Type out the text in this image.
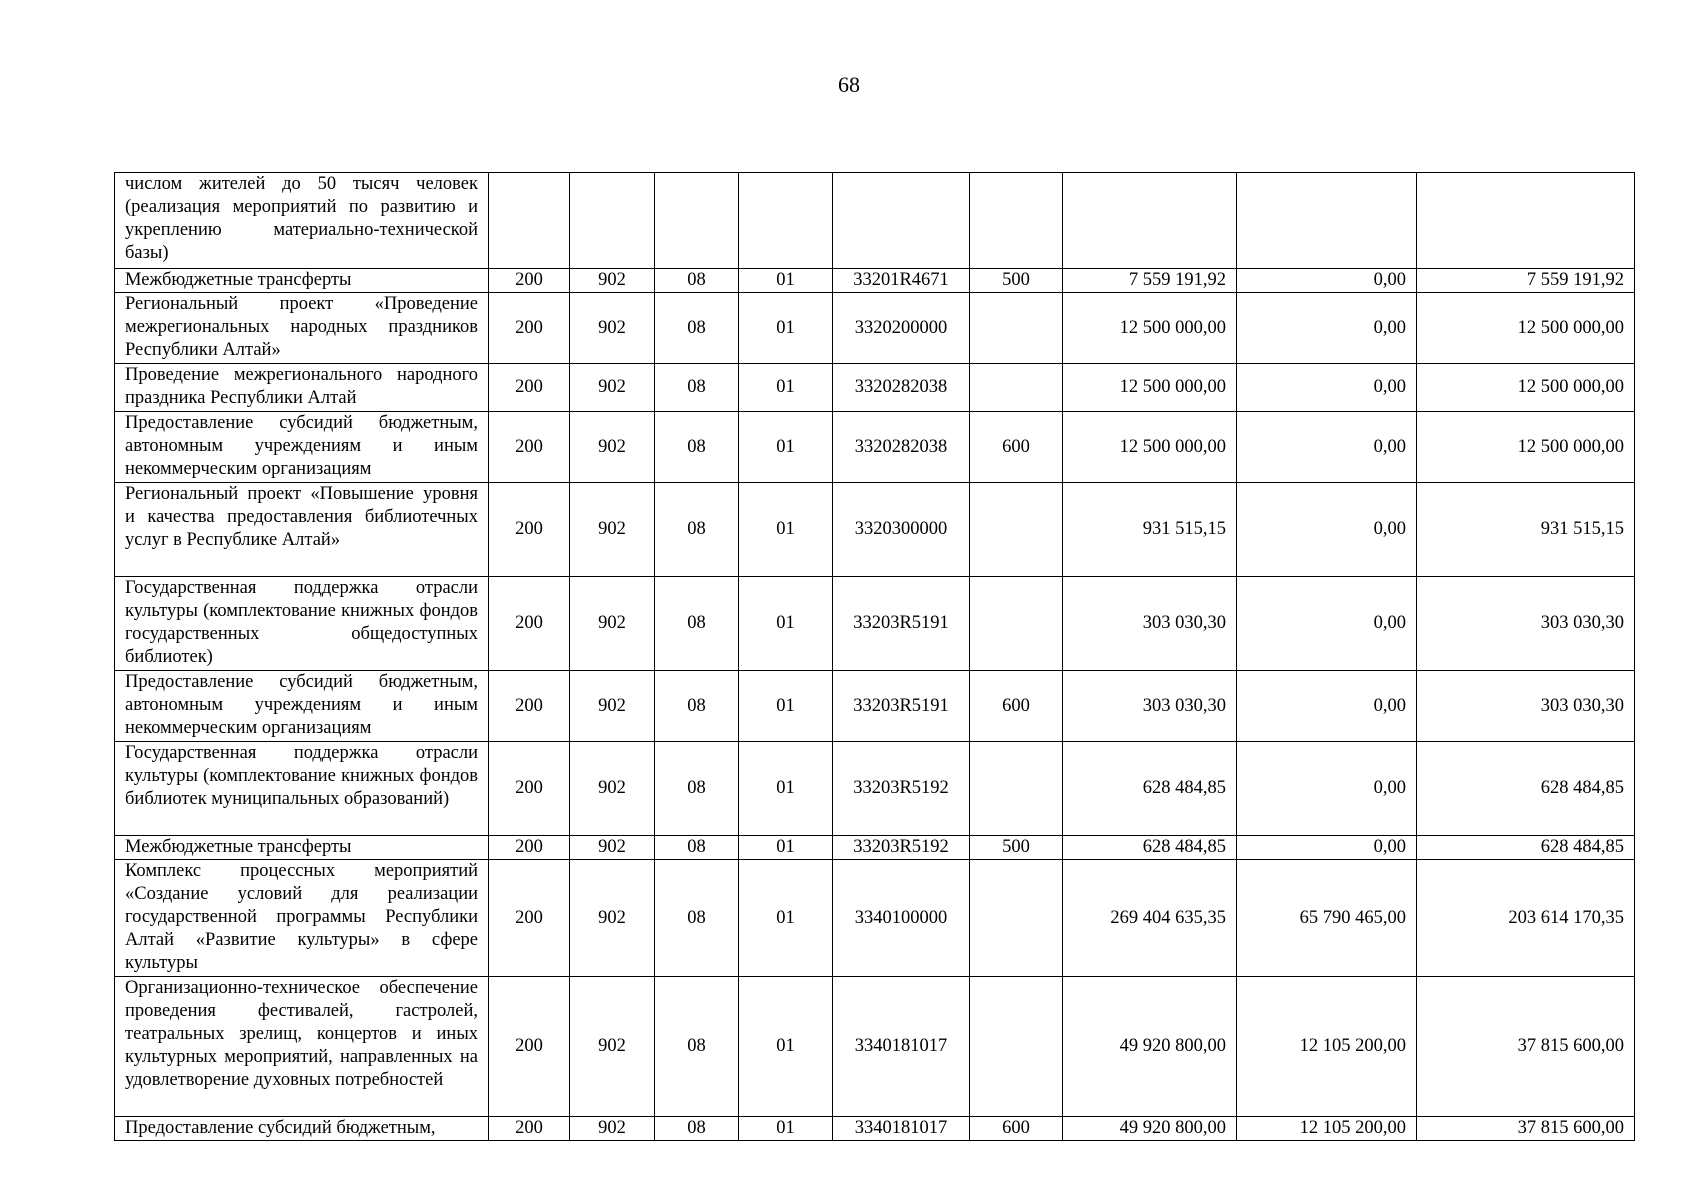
68
числом жителей до 50 тысяч человек (реализация мероприятий по развитию и укреплению материально-технической базы)									
Межбюджетные трансферты	200	902	08	01	33201R4671	500	7 559 191,92	0,00	7 559 191,92
Региональный проект «Проведение межрегиональных народных праздников Республики Алтай»	200	902	08	01	3320200000		12 500 000,00	0,00	12 500 000,00
Проведение межрегионального народного праздника Республики Алтай	200	902	08	01	3320282038		12 500 000,00	0,00	12 500 000,00
Предоставление субсидий бюджетным, автономным учреждениям и иным некоммерческим организациям	200	902	08	01	3320282038	600	12 500 000,00	0,00	12 500 000,00
Региональный проект «Повышение уровня и качества предоставления библиотечных услуг в Республике Алтай»	200	902	08	01	3320300000		931 515,15	0,00	931 515,15
Государственная поддержка отрасли культуры (комплектование книжных фондов государственных общедоступных библиотек)	200	902	08	01	33203R5191		303 030,30	0,00	303 030,30
Предоставление субсидий бюджетным, автономным учреждениям и иным некоммерческим организациям	200	902	08	01	33203R5191	600	303 030,30	0,00	303 030,30
Государственная поддержка отрасли культуры (комплектование книжных фондов библиотек муниципальных образований)	200	902	08	01	33203R5192		628 484,85	0,00	628 484,85
Межбюджетные трансферты	200	902	08	01	33203R5192	500	628 484,85	0,00	628 484,85
Комплекс процессных мероприятий «Создание условий для реализации государственной программы Республики Алтай «Развитие культуры» в сфере культуры	200	902	08	01	3340100000		269 404 635,35	65 790 465,00	203 614 170,35
Организационно-техническое обеспечение проведения фестивалей, гастролей, театральных зрелищ, концертов и иных культурных мероприятий, направленных на удовлетворение духовных потребностей	200	902	08	01	3340181017		49 920 800,00	12 105 200,00	37 815 600,00
Предоставление субсидий бюджетным,	200	902	08	01	3340181017	600	49 920 800,00	12 105 200,00	37 815 600,00
